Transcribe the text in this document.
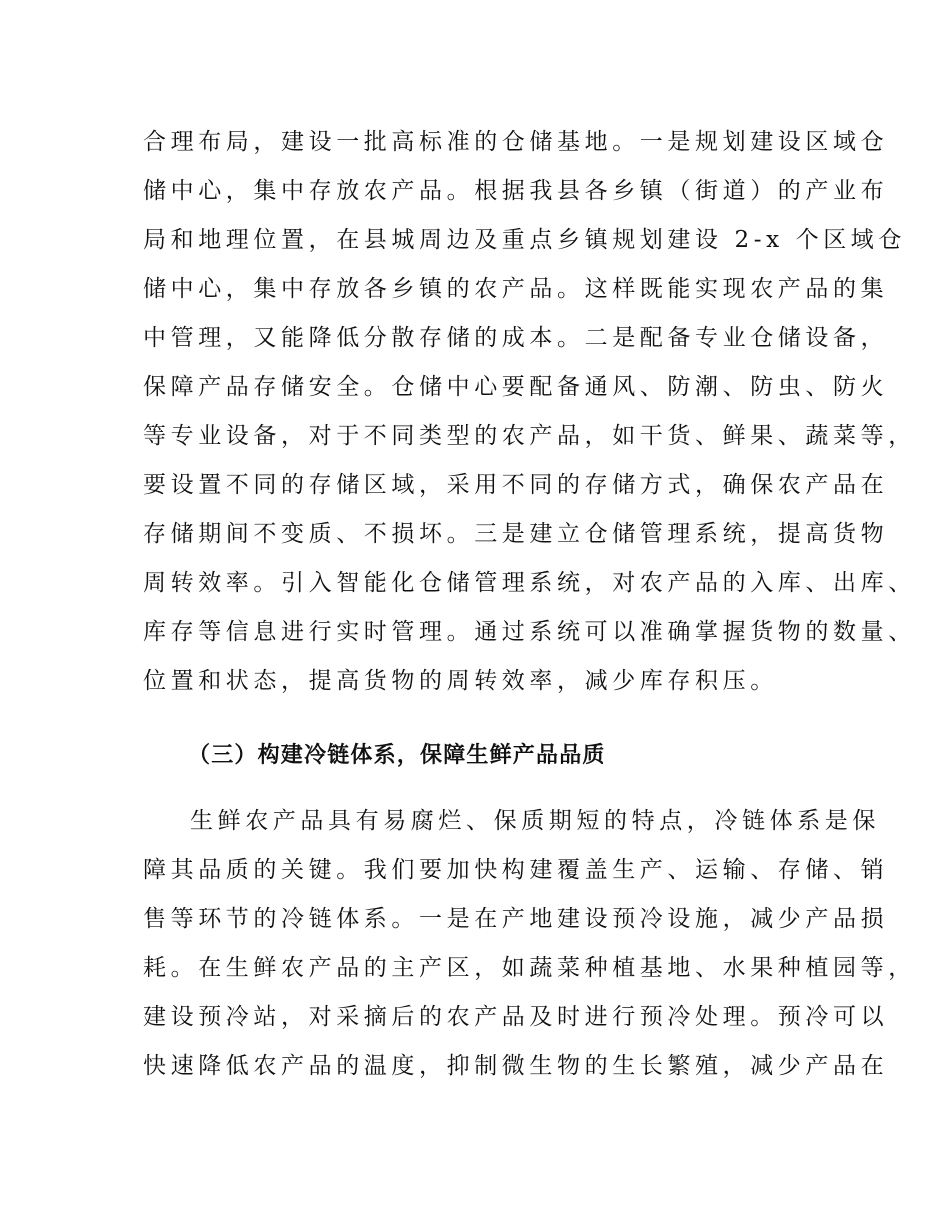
合理布局，建设一批高标准的仓储基地。一是规划建设区域仓
储中心，集中存放农产品。根据我县各乡镇（街道）的产业布
局和地理位置，在县城周边及重点乡镇规划建设 2-x 个区域仓
储中心，集中存放各乡镇的农产品。这样既能实现农产品的集
中管理，又能降低分散存储的成本。二是配备专业仓储设备，
保障产品存储安全。仓储中心要配备通风、防潮、防虫、防火
等专业设备，对于不同类型的农产品，如干货、鲜果、蔬菜等，
要设置不同的存储区域，采用不同的存储方式，确保农产品在
存储期间不变质、不损坏。三是建立仓储管理系统，提高货物
周转效率。引入智能化仓储管理系统，对农产品的入库、出库、
库存等信息进行实时管理。通过系统可以准确掌握货物的数量、
位置和状态，提高货物的周转效率，减少库存积压。
（三）构建冷链体系，保障生鲜产品品质
生鲜农产品具有易腐烂、保质期短的特点，冷链体系是保
障其品质的关键。我们要加快构建覆盖生产、运输、存储、销
售等环节的冷链体系。一是在产地建设预冷设施，减少产品损
耗。在生鲜农产品的主产区，如蔬菜种植基地、水果种植园等，
建设预冷站，对采摘后的农产品及时进行预冷处理。预冷可以
快速降低农产品的温度，抑制微生物的生长繁殖，减少产品在
